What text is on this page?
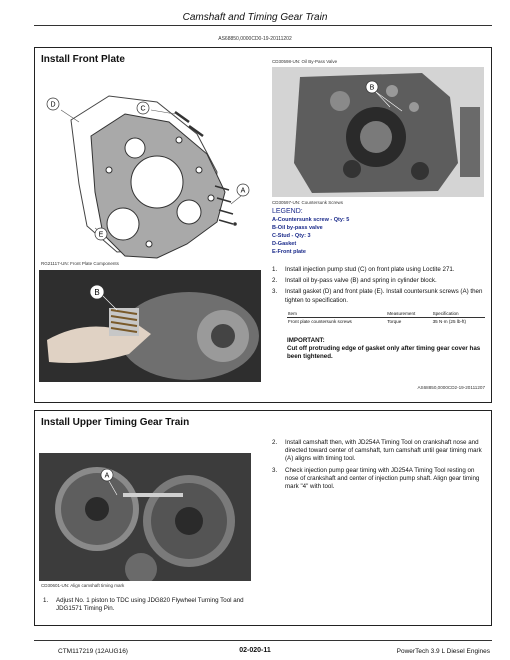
Camshaft and Timing Gear Train
AS68850,0000CD0-19-20111202
Install Front Plate
D
C
A
E
RG21117-UN: Front Plate Components
B
CD30598-UN: Oil By-Pass Valve
B
CD30597-UN: Countersunk Screws
LEGEND:
A-Countersunk screw - Qty: 5
B-Oil by-pass valve
C-Stud - Qty: 3
D-Gasket
E-Front plate
1. Install injection pump stud (C) on front plate using Loctite 271.
2. Install oil by-pass valve (B) and spring in cylinder block.
3. Install gasket (D) and front plate (E). Install countersunk screws (A) then tighten to specification.
Item	Measurement	Specification
Front plate countersunk screws	Torque	35 N·m (25 lb-ft)
IMPORTANT:
Cut off protruding edge of gasket only after timing gear cover has been tightened.
AS68850,0000CD2-19-20111207
Install Upper Timing Gear Train
A
CD30601-UN: Align camshaft timing mark
1. Adjust No. 1 piston to TDC using JDG820 Flywheel Turning Tool and JDG1571 Timing Pin.
2. Install camshaft then, with JD254A Timing Tool on crankshaft nose and directed toward center of camshaft, turn camshaft until gear timing mark (A) aligns with timing tool.
3. Check injection pump gear timing with JD254A Timing Tool resting on nose of crankshaft and center of injection pump shaft. Align gear timing mark "4" with tool.
CTM117219 (12AUG16)	02-020-11	PowerTech 3.9 L Diesel Engines
